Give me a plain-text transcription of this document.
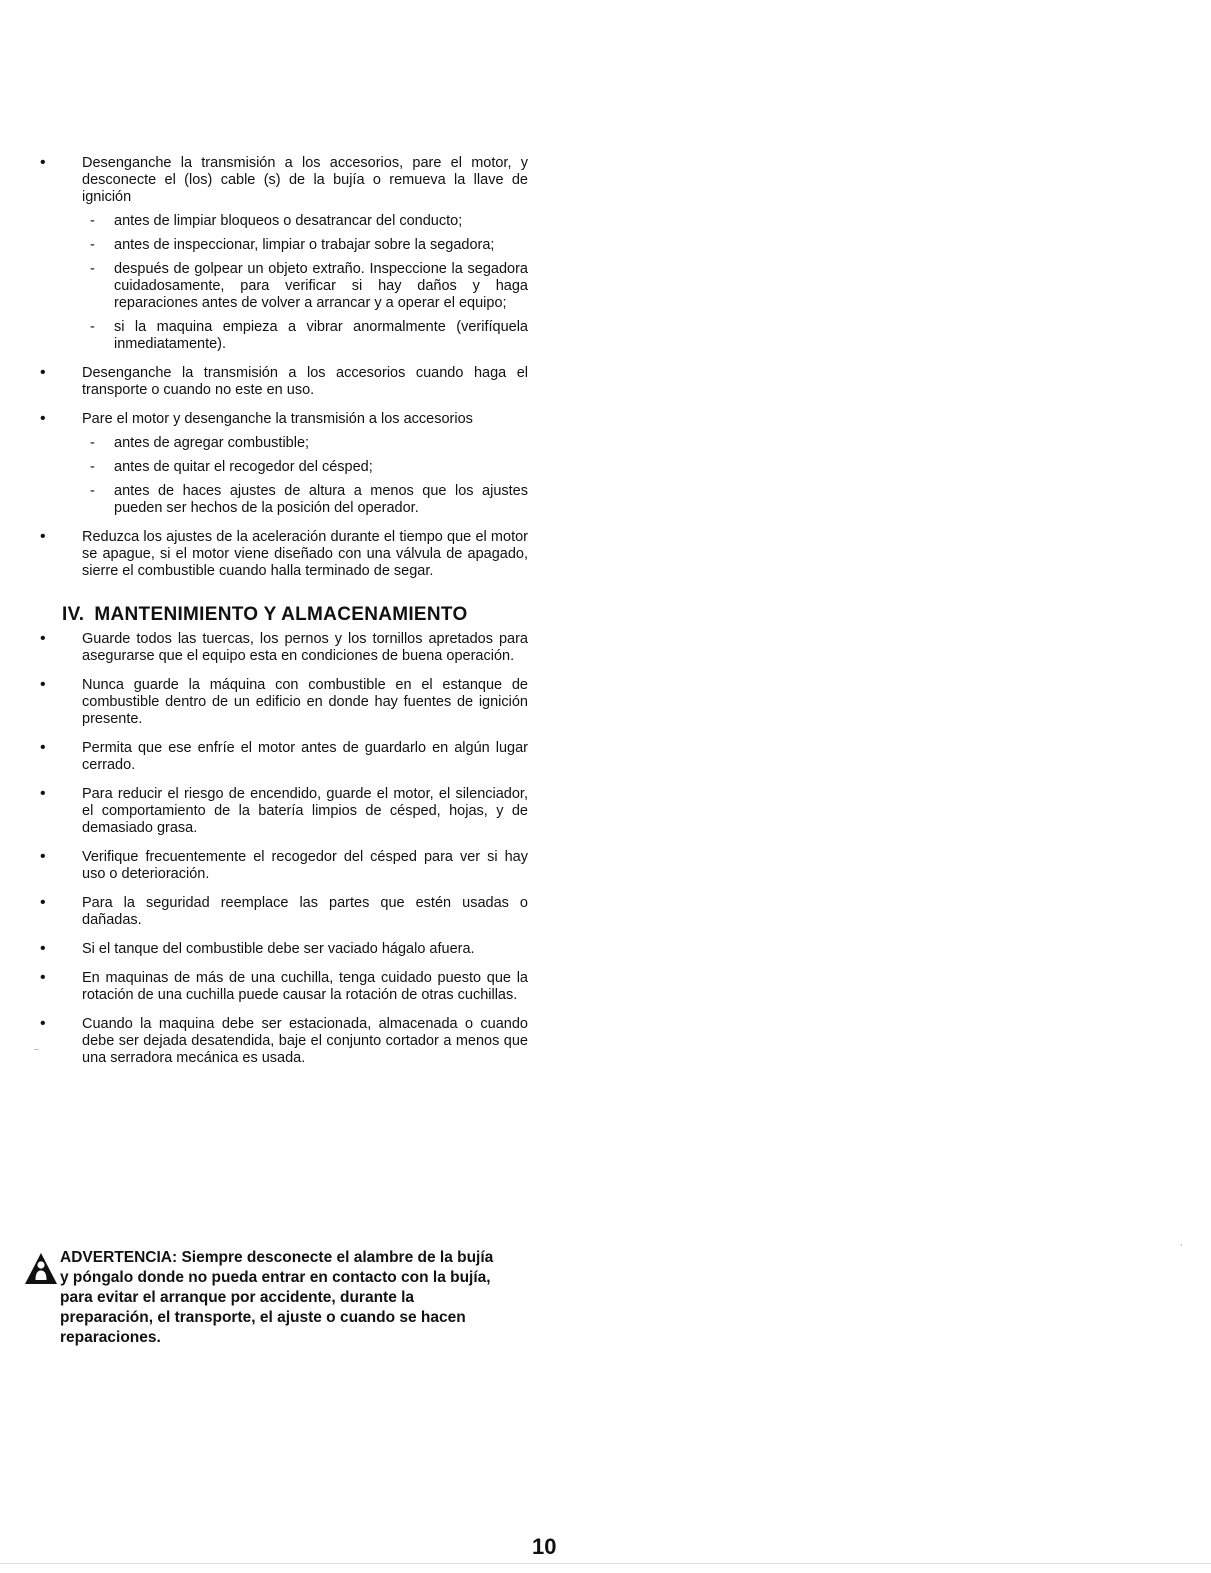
•	Desenganche la transmisión a los accesorios, pare el motor, y desconecte el (los) cable (s) de la bujía o remueva la llave de ignición
- antes de limpiar bloqueos o desatrancar del conducto;
- antes de inspeccionar, limpiar o trabajar sobre la segadora;
- después de golpear un objeto extraño. Inspeccione la segadora cuidadosamente, para verificar si hay daños y haga reparaciones antes de volver a arrancar y a operar el equipo;
- si la maquina empieza a vibrar anormalmente (verifíquela inmediatamente).
•	Desenganche la transmisión a los accesorios cuando haga el transporte o cuando no este en uso.
•	Pare el motor y desenganche la transmisión a los accesorios
- antes de agregar combustible;
- antes de quitar el recogedor del césped;
- antes de haces ajustes de altura a menos que los ajustes pueden ser hechos de la posición del operador.
•	Reduzca los ajustes de la aceleración durante el tiempo que el motor se apague, si el motor viene diseñado con una válvula de apagado, sierre el combustible cuando halla terminado de segar.
IV. MANTENIMIENTO Y ALMACENAMIENTO
•	Guarde todos las tuercas, los pernos y los tornillos apretados para asegurarse que el equipo esta en condiciones de buena operación.
•	Nunca guarde la máquina con combustible en el estanque de combustible dentro de un edificio en donde hay fuentes de ignición presente.
•	Permita que ese enfríe el motor antes de guardarlo en algún lugar cerrado.
•	Para reducir el riesgo de encendido, guarde el motor, el silenciador, el comportamiento de la batería limpios de césped, hojas, y de demasiado grasa.
•	Verifique frecuentemente el recogedor del césped para ver si hay uso o deterioración.
•	Para la seguridad reemplace las partes que estén usadas o dañadas.
•	Si el tanque del combustible debe ser vaciado hágalo afuera.
•	En maquinas de más de una cuchilla, tenga cuidado puesto que la rotación de una cuchilla puede causar la rotación de otras cuchillas.
•	Cuando la maquina debe ser estacionada, almacenada o cuando debe ser dejada desatendida, baje el conjunto cortador a menos que una serradora mecánica es usada.
ADVERTENCIA: Siempre desconecte el alambre de la bujía y póngalo donde no pueda entrar en contacto con la bujía, para evitar el arranque por accidente, durante la preparación, el transporte, el ajuste o cuando se hacen reparaciones.
10
